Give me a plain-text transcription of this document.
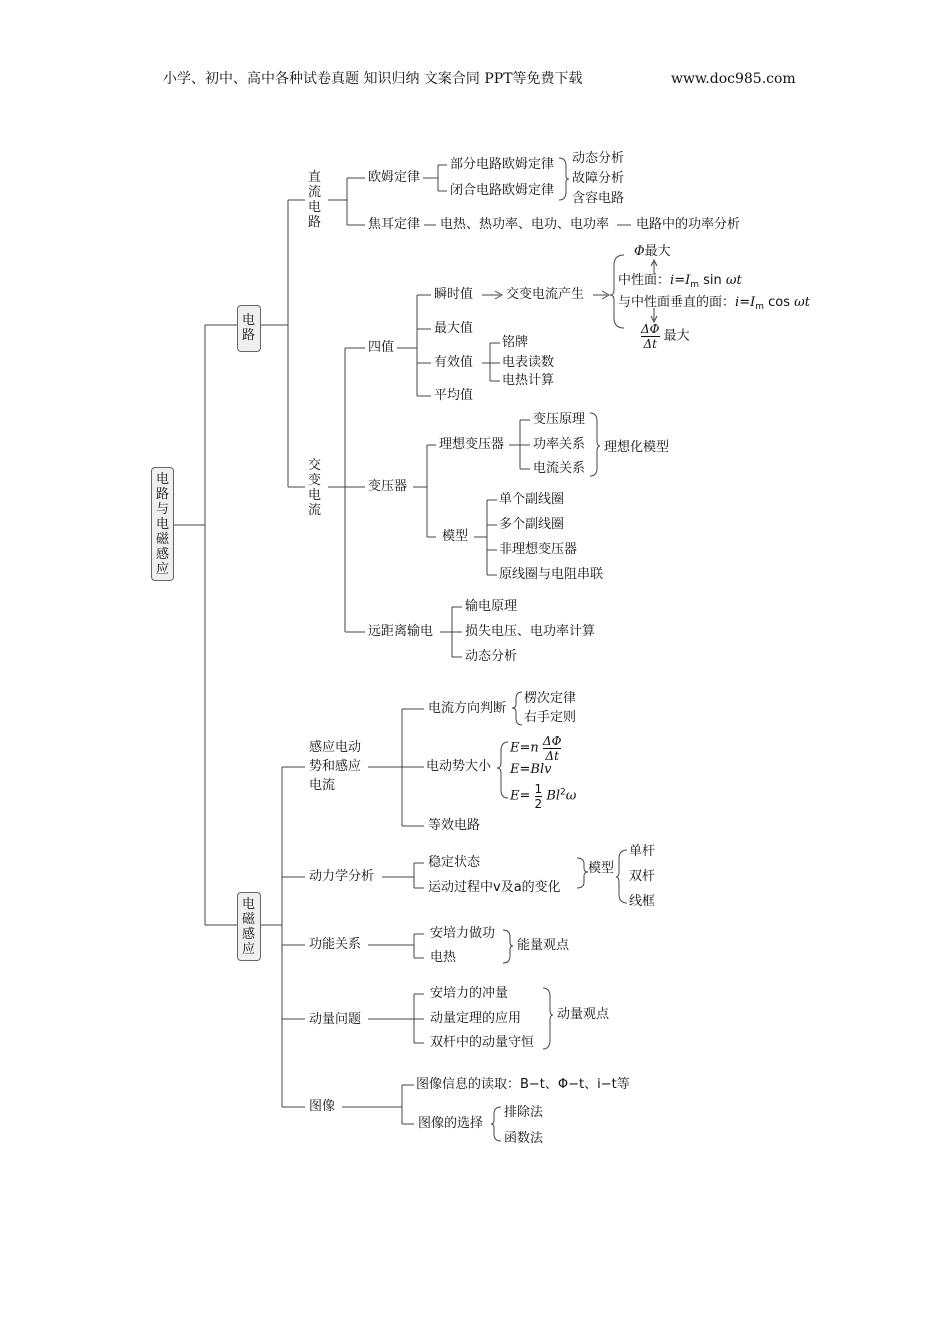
小学、初中、高中各种试卷真题 知识归纳 文案合同 PPT等免费下载	www.doc985.com
电路与电磁感应
电路
电磁感应
直流电路
欧姆定律
部分电路欧姆定律
闭合电路欧姆定律
动态分析
故障分析
含容电路
焦耳定律 电热、热功率、电功、电功率 电路中的功率分析
交变电流
四值
瞬时值	交变电流产生
Φ最大
中性面：$i=I_m$ sin ωt
与中性面垂直的面：$i=I_m$ cos ωt
$\frac{\Delta\Phi}{\Delta t}$ 最大
最大值
有效值
铭牌
电表读数
电热计算
平均值
变压器
理想变压器
变压原理
功率关系
电流关系
理想化模型
模型
单个副线圈
多个副线圈
非理想变压器
原线圈与电阻串联
远距离输电
输电原理
损失电压、电功率计算
动态分析
感应电动
势和感应
电流
电流方向判断
楞次定律
右手定则
电动势大小
$E=n \frac{\Delta\Phi}{\Delta t}$
E=Blv
$E= \frac{1}{2} Bl^2\omega$
等效电路
动力学分析
稳定状态
运动过程中v及a的变化
模型
单杆
双杆
线框
功能关系
安培力做功
电热
能量观点
动量问题
安培力的冲量
动量定理的应用
双杆中的动量守恒
动量观点
图像
图像信息的读取：B−t、Φ−t、i−t等
图像的选择
排除法
函数法
